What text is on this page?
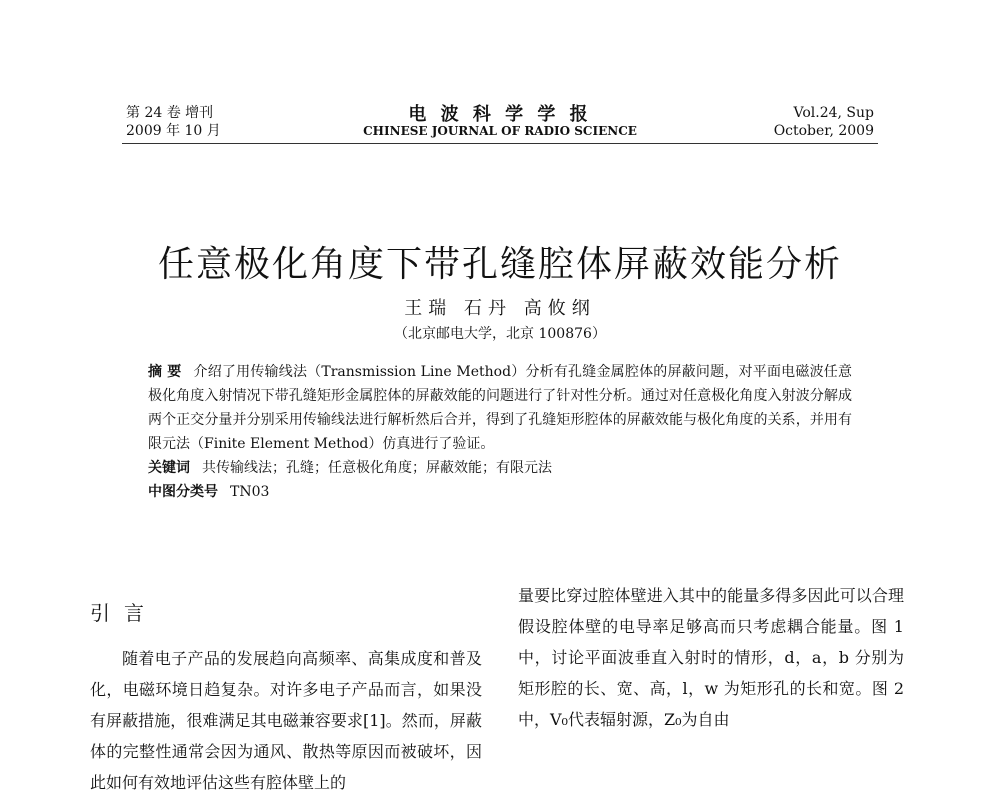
第 24 卷 增刊
2009 年 10 月
电 波 科 学 学 报
CHINESE JOURNAL OF RADIO SCIENCE
Vol.24, Sup
October, 2009
任意极化角度下带孔缝腔体屏蔽效能分析
王瑞 石丹 高攸纲
（北京邮电大学，北京 100876）

摘 要 介绍了用传输线法（Transmission Line Method）分析有孔缝金属腔体的屏蔽问题，对平面电磁波任意极化角度入射情况下带孔缝矩形金属腔体的屏蔽效能的问题进行了针对性分析。通过对任意极化角度入射波分解成两个正交分量并分别采用传输线法进行解析然后合并，得到了孔缝矩形腔体的屏蔽效能与极化角度的关系，并用有限元法（Finite Element Method）仿真进行了验证。

关键词 共传输线法；孔缝；任意极化角度；屏蔽效能；有限元法
中图分类号 TN03
引言

随着电子产品的发展趋向高频率、高集成度和普及化，电磁环境日趋复杂。对许多电子产品而言，如果没有屏蔽措施，很难满足其电磁兼容要求[1]。然而，屏蔽体的完整性通常会因为通风、散热等原因而被破坏，因此如何有效地评估这些有腔体壁上的

量要比穿过腔体壁进入其中的能量多得多因此可以合理假设腔体壁的电导率足够高而只考虑耦合能量。图 1 中，讨论平面波垂直入射时的情形，d，a，b 分别为矩形腔的长、宽、高，l，w 为矩形孔的长和宽。图 2 中，V₀代表辐射源，Z₀为自由
